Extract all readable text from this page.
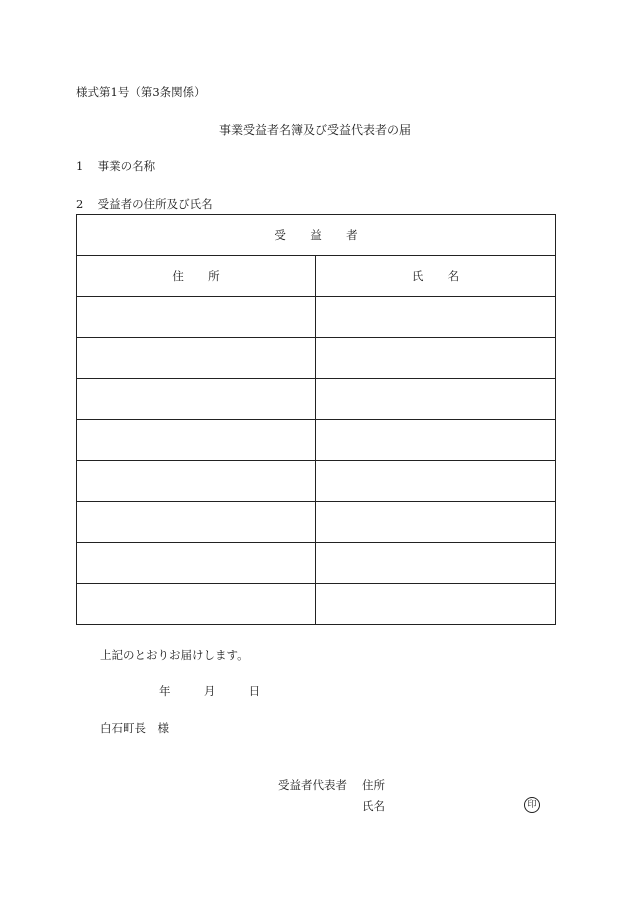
様式第1号（第3条関係）
事業受益者名簿及び受益代表者の届
1 事業の名称
2 受益者の住所及び氏名
受 益 者
住 所	氏 名
上記のとおりお届けします。
年	月	日
白石町長　様
受益者代表者 住所
氏名	印
